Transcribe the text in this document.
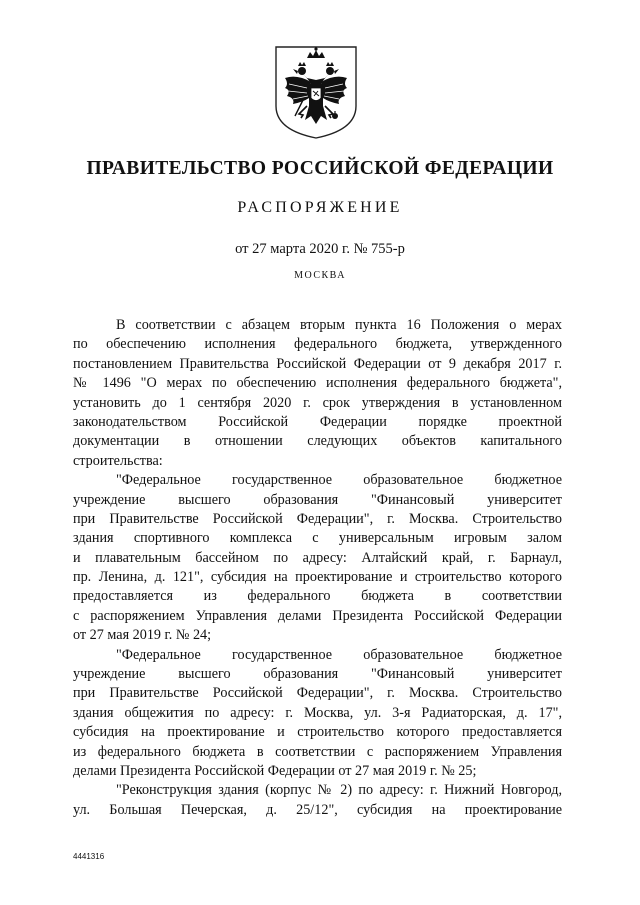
ПРАВИТЕЛЬСТВО РОССИЙСКОЙ ФЕДЕРАЦИИ
РАСПОРЯЖЕНИЕ
от 27 марта 2020 г. № 755-р
МОСКВА
В соответствии с абзацем вторым пункта 16 Положения о мерах
по обеспечению исполнения федерального бюджета, утвержденного
постановлением Правительства Российской Федерации от 9 декабря 2017 г.
№ 1496 "О мерах по обеспечению исполнения федерального бюджета",
установить до 1 сентября 2020 г. срок утверждения в установленном
законодательством Российской Федерации порядке проектной
документации в отношении следующих объектов капитального
строительства:
"Федеральное государственное образовательное бюджетное
учреждение высшего образования "Финансовый университет
при Правительстве Российской Федерации", г. Москва. Строительство
здания спортивного комплекса с универсальным игровым залом
и плавательным бассейном по адресу: Алтайский край, г. Барнаул,
пр. Ленина, д. 121", субсидия на проектирование и строительство которого
предоставляется из федерального бюджета в соответствии
с распоряжением Управления делами Президента Российской Федерации
от 27 мая 2019 г. № 24;
"Федеральное государственное образовательное бюджетное
учреждение высшего образования "Финансовый университет
при Правительстве Российской Федерации", г. Москва. Строительство
здания общежития по адресу: г. Москва, ул. 3-я Радиаторская, д. 17",
субсидия на проектирование и строительство которого предоставляется
из федерального бюджета в соответствии с распоряжением Управления
делами Президента Российской Федерации от 27 мая 2019 г. № 25;
"Реконструкция здания (корпус № 2) по адресу: г. Нижний Новгород,
ул. Большая Печерская, д. 25/12", субсидия на проектирование
4441316
